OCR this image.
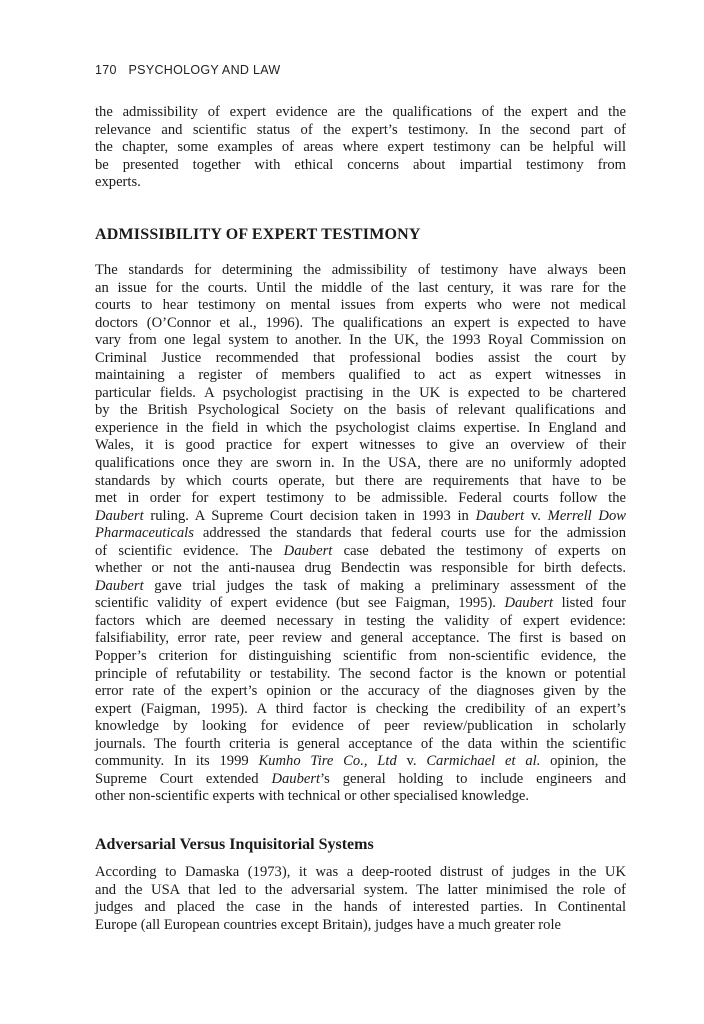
170 PSYCHOLOGY AND LAW
the admissibility of expert evidence are the qualifications of the expert and the
relevance and scientific status of the expert’s testimony. In the second part of
the chapter, some examples of areas where expert testimony can be helpful will
be presented together with ethical concerns about impartial testimony from
experts.
ADMISSIBILITY OF EXPERT TESTIMONY
The standards for determining the admissibility of testimony have always been
an issue for the courts. Until the middle of the last century, it was rare for the
courts to hear testimony on mental issues from experts who were not medical
doctors (O’Connor et al., 1996). The qualifications an expert is expected to have
vary from one legal system to another. In the UK, the 1993 Royal Commission on
Criminal Justice recommended that professional bodies assist the court by
maintaining a register of members qualified to act as expert witnesses in
particular fields. A psychologist practising in the UK is expected to be chartered
by the British Psychological Society on the basis of relevant qualifications and
experience in the field in which the psychologist claims expertise. In England and
Wales, it is good practice for expert witnesses to give an overview of their
qualifications once they are sworn in. In the USA, there are no uniformly adopted
standards by which courts operate, but there are requirements that have to be
met in order for expert testimony to be admissible. Federal courts follow the
Daubert ruling. A Supreme Court decision taken in 1993 in Daubert v. Merrell Dow
Pharmaceuticals addressed the standards that federal courts use for the admission
of scientific evidence. The Daubert case debated the testimony of experts on
whether or not the anti-nausea drug Bendectin was responsible for birth defects.
Daubert gave trial judges the task of making a preliminary assessment of the
scientific validity of expert evidence (but see Faigman, 1995). Daubert listed four
factors which are deemed necessary in testing the validity of expert evidence:
falsifiability, error rate, peer review and general acceptance. The first is based on
Popper’s criterion for distinguishing scientific from non-scientific evidence, the
principle of refutability or testability. The second factor is the known or potential
error rate of the expert’s opinion or the accuracy of the diagnoses given by the
expert (Faigman, 1995). A third factor is checking the credibility of an expert’s
knowledge by looking for evidence of peer review/publication in scholarly
journals. The fourth criteria is general acceptance of the data within the scientific
community. In its 1999 Kumho Tire Co., Ltd v. Carmichael et al. opinion, the
Supreme Court extended Daubert’s general holding to include engineers and
other non-scientific experts with technical or other specialised knowledge.
Adversarial Versus Inquisitorial Systems
According to Damaska (1973), it was a deep-rooted distrust of judges in the UK
and the USA that led to the adversarial system. The latter minimised the role of
judges and placed the case in the hands of interested parties. In Continental
Europe (all European countries except Britain), judges have a much greater role
